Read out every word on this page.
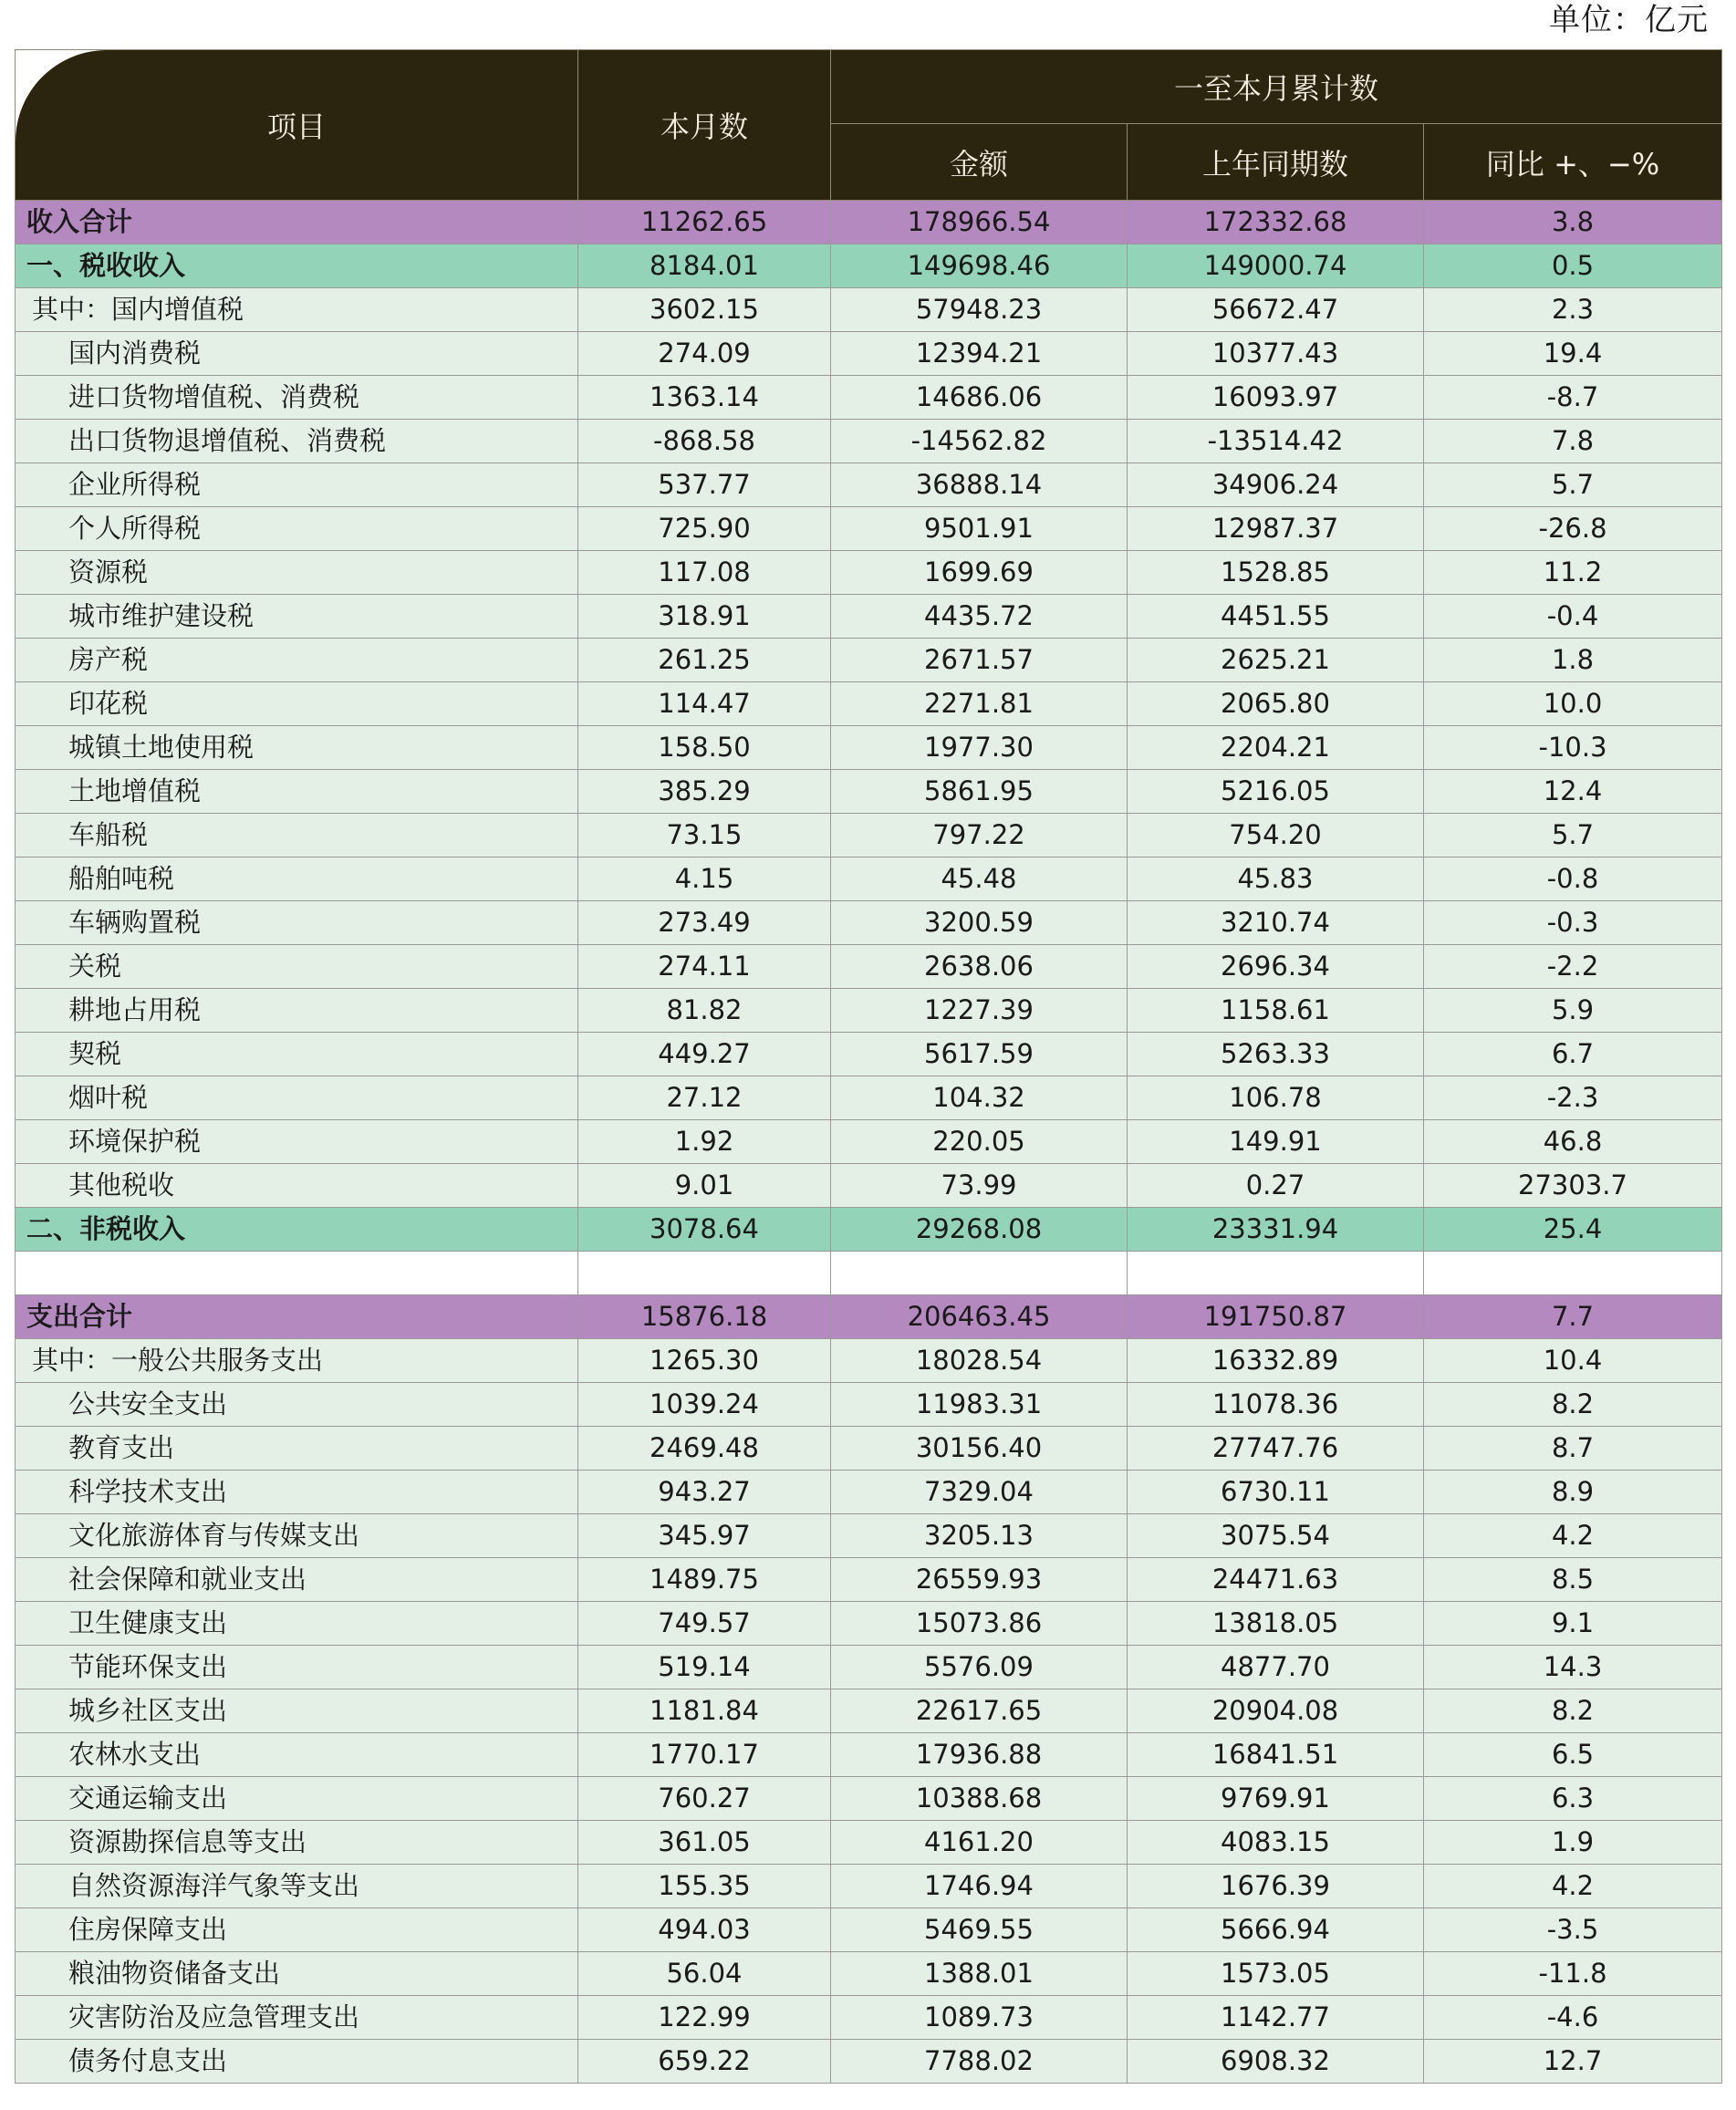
单位：亿元
项目	本月数	一至本月累计数		
		金额	上年同期数	同比 +、−%
收入合计	11262.65	178966.54	172332.68	3.8
一、税收收入	8184.01	149698.46	149000.74	0.5
其中：国内增值税	3602.15	57948.23	56672.47	2.3
国内消费税	274.09	12394.21	10377.43	19.4
进口货物增值税、消费税	1363.14	14686.06	16093.97	-8.7
出口货物退增值税、消费税	-868.58	-14562.82	-13514.42	7.8
企业所得税	537.77	36888.14	34906.24	5.7
个人所得税	725.90	9501.91	12987.37	-26.8
资源税	117.08	1699.69	1528.85	11.2
城市维护建设税	318.91	4435.72	4451.55	-0.4
房产税	261.25	2671.57	2625.21	1.8
印花税	114.47	2271.81	2065.80	10.0
城镇土地使用税	158.50	1977.30	2204.21	-10.3
土地增值税	385.29	5861.95	5216.05	12.4
车船税	73.15	797.22	754.20	5.7
船舶吨税	4.15	45.48	45.83	-0.8
车辆购置税	273.49	3200.59	3210.74	-0.3
关税	274.11	2638.06	2696.34	-2.2
耕地占用税	81.82	1227.39	1158.61	5.9
契税	449.27	5617.59	5263.33	6.7
烟叶税	27.12	104.32	106.78	-2.3
环境保护税	1.92	220.05	149.91	46.8
其他税收	9.01	73.99	0.27	27303.7
二、非税收入	3078.64	29268.08	23331.94	25.4

支出合计	15876.18	206463.45	191750.87	7.7
其中：一般公共服务支出	1265.30	18028.54	16332.89	10.4
公共安全支出	1039.24	11983.31	11078.36	8.2
教育支出	2469.48	30156.40	27747.76	8.7
科学技术支出	943.27	7329.04	6730.11	8.9
文化旅游体育与传媒支出	345.97	3205.13	3075.54	4.2
社会保障和就业支出	1489.75	26559.93	24471.63	8.5
卫生健康支出	749.57	15073.86	13818.05	9.1
节能环保支出	519.14	5576.09	4877.70	14.3
城乡社区支出	1181.84	22617.65	20904.08	8.2
农林水支出	1770.17	17936.88	16841.51	6.5
交通运输支出	760.27	10388.68	9769.91	6.3
资源勘探信息等支出	361.05	4161.20	4083.15	1.9
自然资源海洋气象等支出	155.35	1746.94	1676.39	4.2
住房保障支出	494.03	5469.55	5666.94	-3.5
粮油物资储备支出	56.04	1388.01	1573.05	-11.8
灾害防治及应急管理支出	122.99	1089.73	1142.77	-4.6
债务付息支出	659.22	7788.02	6908.32	12.7
